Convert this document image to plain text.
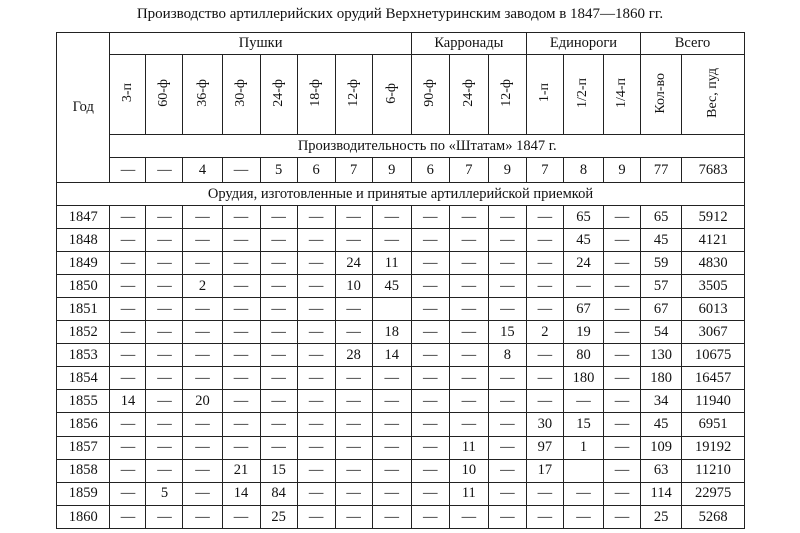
Производство артиллерийских орудий Верхнетуринским заводом в 1847—1860 гг.
Год	Пушки								Карронады			Единороги			Всего	
	3-п	60-ф	36-ф	30-ф	24-ф	18-ф	12-ф	6-ф	90-ф	24-ф	12-ф	1-п	1/2-п	1/4-п	Кол-во	Вес, пуд
	Производительность по «Штатам» 1847 г.															
	—	—	4	—	5	6	7	9	6	7	9	7	8	9	77	7683
Орудия, изготовленные и принятые артиллерийской приемкой																
1847	—	—	—	—	—	—	—	—	—	—	—	—	65	—	65	5912
1848	—	—	—	—	—	—	—	—	—	—	—	—	45	—	45	4121
1849	—	—	—	—	—	—	24	11	—	—	—	—	24	—	59	4830
1850	—	—	2	—	—	—	10	45	—	—	—	—	—	—	57	3505
1851	—	—	—	—	—	—	—		—	—	—	—	67	—	67	6013
1852	—	—	—	—	—	—	—	18	—	—	15	2	19	—	54	3067
1853	—	—	—	—	—	—	28	14	—	—	8	—	80	—	130	10675
1854	—	—	—	—	—	—	—	—	—	—	—	—	180	—	180	16457
1855	14	—	20	—	—	—	—	—	—	—	—	—	—	—	34	11940
1856	—	—	—	—	—	—	—	—	—	—	—	30	15	—	45	6951
1857	—	—	—	—	—	—	—	—	—	11	—	97	1	—	109	19192
1858	—	—	—	21	15	—	—	—	—	10	—	17		—	63	11210
1859	—	5	—	14	84	—	—	—	—	11	—	—	—	—	114	22975
1860	—	—	—	—	25	—	—	—	—	—	—	—	—	—	25	5268
